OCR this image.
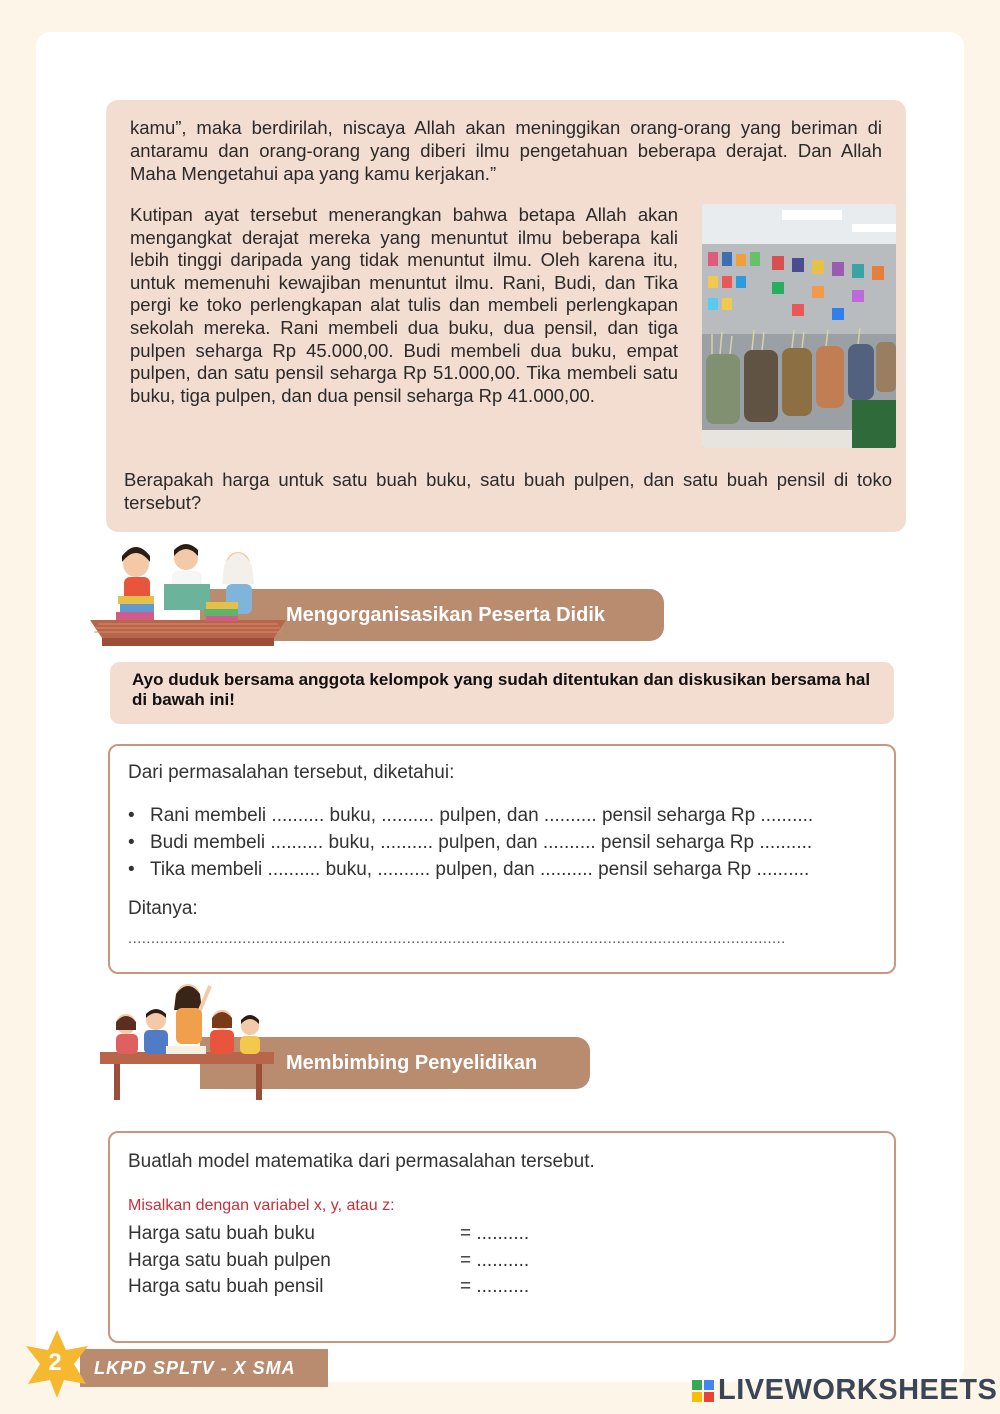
kamu”, maka berdirilah, niscaya Allah akan meninggikan orang-orang yang beriman di antaramu dan orang-orang yang diberi ilmu pengetahuan beberapa derajat. Dan Allah Maha Mengetahui apa yang kamu kerjakan.”

Kutipan ayat tersebut menerangkan bahwa betapa Allah akan mengangkat derajat mereka yang menuntut ilmu beberapa kali lebih tinggi daripada yang tidak menuntut ilmu. Oleh karena itu, untuk memenuhi kewajiban menuntut ilmu. Rani, Budi, dan Tika pergi ke toko perlengkapan alat tulis dan membeli perlengkapan sekolah mereka. Rani membeli dua buku, dua pensil, dan tiga pulpen seharga Rp 45.000,00. Budi membeli dua buku, empat pulpen, dan satu pensil seharga Rp 51.000,00. Tika membeli satu buku, tiga pulpen, dan dua pensil seharga Rp 41.000,00.

Berapakah harga untuk satu buah buku, satu buah pulpen, dan satu buah pensil di toko tersebut?

Mengorganisasikan Peserta Didik
Ayo duduk bersama anggota kelompok yang sudah ditentukan dan diskusikan bersama hal di bawah ini!
Dari permasalahan tersebut, diketahui:
• Rani membeli .......... buku, .......... pulpen, dan .......... pensil seharga Rp ..........
• Budi membeli .......... buku, .......... pulpen, dan .......... pensil seharga Rp ..........
• Tika membeli .......... buku, .......... pulpen, dan .......... pensil seharga Rp ..........
Ditanya:
................................................................................................................................................
Membimbing Penyelidikan
Buatlah model matematika dari permasalahan tersebut.
Misalkan dengan variabel x, y, atau z:
Harga satu buah buku	= ..........
Harga satu buah pulpen	= ..........
Harga satu buah pensil	= ..........
LKPD SPLTV - X SMA
2
LIVEWORKSHEETS
